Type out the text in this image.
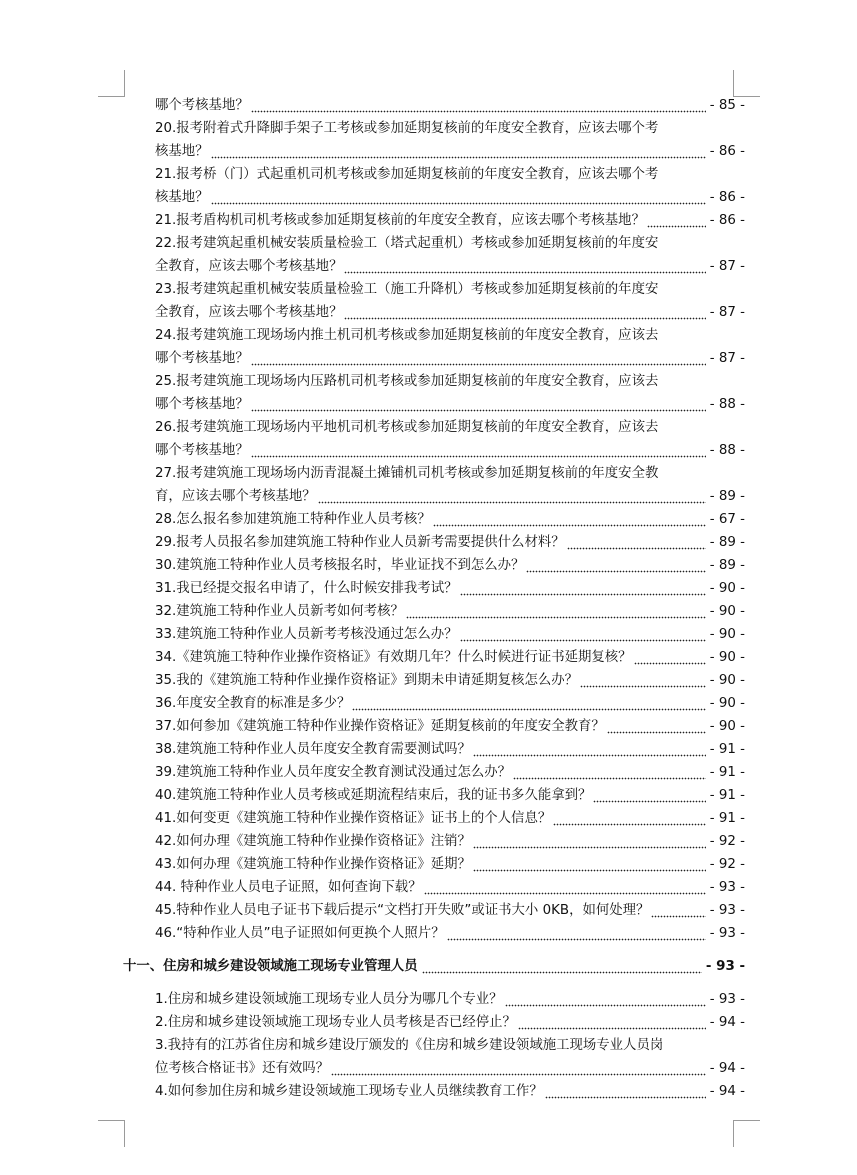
哪个考核基地？	- 85 -
20.报考附着式升降脚手架子工考核或参加延期复核前的年度安全教育，应该去哪个考
核基地？	- 86 -
21.报考桥（门）式起重机司机考核或参加延期复核前的年度安全教育，应该去哪个考
核基地？	- 86 -
21.报考盾构机司机考核或参加延期复核前的年度安全教育，应该去哪个考核基地？	- 86 -
22.报考建筑起重机械安装质量检验工（塔式起重机）考核或参加延期复核前的年度安
全教育，应该去哪个考核基地？	- 87 -
23.报考建筑起重机械安装质量检验工（施工升降机）考核或参加延期复核前的年度安
全教育，应该去哪个考核基地？	- 87 -
24.报考建筑施工现场场内推土机司机考核或参加延期复核前的年度安全教育，应该去
哪个考核基地？	- 87 -
25.报考建筑施工现场场内压路机司机考核或参加延期复核前的年度安全教育，应该去
哪个考核基地？	- 88 -
26.报考建筑施工现场场内平地机司机考核或参加延期复核前的年度安全教育，应该去
哪个考核基地？	- 88 -
27.报考建筑施工现场场内沥青混凝土摊铺机司机考核或参加延期复核前的年度安全教
育，应该去哪个考核基地？	- 89 -
28.怎么报名参加建筑施工特种作业人员考核？	- 67 -
29.报考人员报名参加建筑施工特种作业人员新考需要提供什么材料？	- 89 -
30.建筑施工特种作业人员考核报名时，毕业证找不到怎么办？	- 89 -
31.我已经提交报名申请了，什么时候安排我考试？	- 90 -
32.建筑施工特种作业人员新考如何考核？	- 90 -
33.建筑施工特种作业人员新考考核没通过怎么办？	- 90 -
34.《建筑施工特种作业操作资格证》有效期几年？什么时候进行证书延期复核？	- 90 -
35.我的《建筑施工特种作业操作资格证》到期未申请延期复核怎么办？	- 90 -
36.年度安全教育的标准是多少？	- 90 -
37.如何参加《建筑施工特种作业操作资格证》延期复核前的年度安全教育？	- 90 -
38.建筑施工特种作业人员年度安全教育需要测试吗？	- 91 -
39.建筑施工特种作业人员年度安全教育测试没通过怎么办？	- 91 -
40.建筑施工特种作业人员考核或延期流程结束后，我的证书多久能拿到？	- 91 -
41.如何变更《建筑施工特种作业操作资格证》证书上的个人信息？	- 91 -
42.如何办理《建筑施工特种作业操作资格证》注销？	- 92 -
43.如何办理《建筑施工特种作业操作资格证》延期？	- 92 -
44. 特种作业人员电子证照，如何查询下载？	- 93 -
45.特种作业人员电子证书下载后提示“文档打开失败”或证书大小 0KB，如何处理？	- 93 -
46.“特种作业人员”电子证照如何更换个人照片？	- 93 -
十一、住房和城乡建设领域施工现场专业管理人员	- 93 -
1.住房和城乡建设领域施工现场专业人员分为哪几个专业？	- 93 -
2.住房和城乡建设领域施工现场专业人员考核是否已经停止？	- 94 -
3.我持有的江苏省住房和城乡建设厅颁发的《住房和城乡建设领域施工现场专业人员岗
位考核合格证书》还有效吗？	- 94 -
4.如何参加住房和城乡建设领域施工现场专业人员继续教育工作？	- 94 -
